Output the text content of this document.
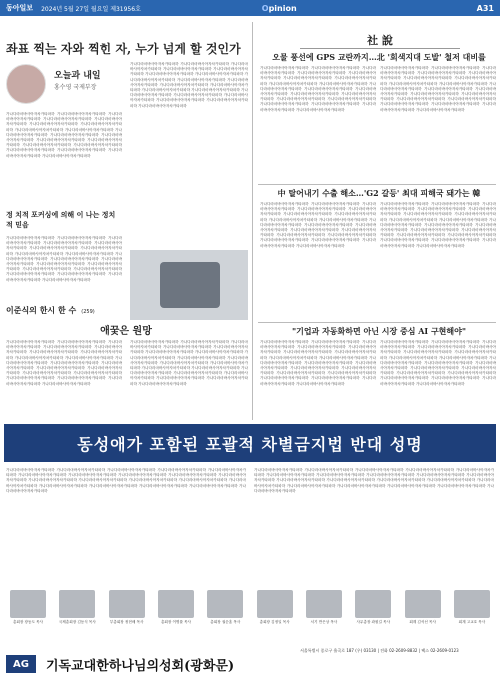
동아일보 2024년 5월 27일 월요일 제31956호	Opinion	A31
좌표 찍는 자와 찍힌 자, 누가 넘게 할 것인가
오늘과 내일
홍수영 국제부장
가나다라마바사아자차카타파하 가나다라마바사아자차카타파하 가나다라마바사아자차카타파하 가나다라마바사아자차카타파하 가나다라마바사아자차카타파하 가나다라마바사아자차카타파하 가나다라마바사아자차카타파하 가나다라마바사아자차카타파하 가나다라마바사아자차카타파하 가나다라마바사아자차카타파하 가나다라마바사아자차카타파하 가나다라마바사아자차카타파하 가나다라마바사아자차카타파하 가나다라마바사아자차카타파하 가나다라마바사아자차카타파하 가나다라마바사아자차카타파하 가나다라마바사아자차카타파하 가나다라마바사아자차카타파하 가나다라마바사아자차카타파하 가나다라마바사아자차카타파하
가나다라마바사아자차카타파하 가나다라마바사아자차카타파하 가나다라마바사아자차카타파하 가나다라마바사아자차카타파하 가나다라마바사아자차카타파하 가나다라마바사아자차카타파하 가나다라마바사아자차카타파하 가나다라마바사아자차카타파하 가나다라마바사아자차카타파하 가나다라마바사아자차카타파하 가나다라마바사아자차카타파하 가나다라마바사아자차카타파하 가나다라마바사아자차카타파하 가나다라마바사아자차카타파하 가나다라마바사아자차카타파하 가나다라마바사아자차카타파하 가나다라마바사아자차카타파하 가나다라마바사아자차카타파하 가나다라마바사아자차카타파하 가나다라마바사아자차카타파하
정 치적 포커싱에 의해 이 나는 정치적 믿음
가나다라마바사아자차카타파하 가나다라마바사아자차카타파하 가나다라마바사아자차카타파하 가나다라마바사아자차카타파하 가나다라마바사아자차카타파하 가나다라마바사아자차카타파하 가나다라마바사아자차카타파하 가나다라마바사아자차카타파하 가나다라마바사아자차카타파하 가나다라마바사아자차카타파하 가나다라마바사아자차카타파하 가나다라마바사아자차카타파하 가나다라마바사아자차카타파하 가나다라마바사아자차카타파하 가나다라마바사아자차카타파하 가나다라마바사아자차카타파하 가나다라마바사아자차카타파하 가나다라마바사아자차카타파하 가나다라마바사아자차카타파하 가나다라마바사아자차카타파하
이준식의 한시 한 수 (259)
애꿎은 원망
가나다라마바사아자차카타파하 가나다라마바사아자차카타파하 가나다라마바사아자차카타파하 가나다라마바사아자차카타파하 가나다라마바사아자차카타파하 가나다라마바사아자차카타파하 가나다라마바사아자차카타파하 가나다라마바사아자차카타파하 가나다라마바사아자차카타파하 가나다라마바사아자차카타파하 가나다라마바사아자차카타파하 가나다라마바사아자차카타파하 가나다라마바사아자차카타파하 가나다라마바사아자차카타파하 가나다라마바사아자차카타파하 가나다라마바사아자차카타파하 가나다라마바사아자차카타파하 가나다라마바사아자차카타파하 가나다라마바사아자차카타파하 가나다라마바사아자차카타파하
가나다라마바사아자차카타파하 가나다라마바사아자차카타파하 가나다라마바사아자차카타파하 가나다라마바사아자차카타파하 가나다라마바사아자차카타파하 가나다라마바사아자차카타파하 가나다라마바사아자차카타파하 가나다라마바사아자차카타파하 가나다라마바사아자차카타파하 가나다라마바사아자차카타파하 가나다라마바사아자차카타파하 가나다라마바사아자차카타파하 가나다라마바사아자차카타파하 가나다라마바사아자차카타파하 가나다라마바사아자차카타파하 가나다라마바사아자차카타파하 가나다라마바사아자차카타파하 가나다라마바사아자차카타파하 가나다라마바사아자차카타파하 가나다라마바사아자차카타파하
社 說
오물 풍선에 GPS 교란까지…北 '회색지대 도발' 철저 대비를
가나다라마바사아자차카타파하 가나다라마바사아자차카타파하 가나다라마바사아자차카타파하 가나다라마바사아자차카타파하 가나다라마바사아자차카타파하 가나다라마바사아자차카타파하 가나다라마바사아자차카타파하 가나다라마바사아자차카타파하 가나다라마바사아자차카타파하 가나다라마바사아자차카타파하 가나다라마바사아자차카타파하 가나다라마바사아자차카타파하 가나다라마바사아자차카타파하 가나다라마바사아자차카타파하 가나다라마바사아자차카타파하 가나다라마바사아자차카타파하 가나다라마바사아자차카타파하 가나다라마바사아자차카타파하 가나다라마바사아자차카타파하 가나다라마바사아자차카타파하
가나다라마바사아자차카타파하 가나다라마바사아자차카타파하 가나다라마바사아자차카타파하 가나다라마바사아자차카타파하 가나다라마바사아자차카타파하 가나다라마바사아자차카타파하 가나다라마바사아자차카타파하 가나다라마바사아자차카타파하 가나다라마바사아자차카타파하 가나다라마바사아자차카타파하 가나다라마바사아자차카타파하 가나다라마바사아자차카타파하 가나다라마바사아자차카타파하 가나다라마바사아자차카타파하 가나다라마바사아자차카타파하 가나다라마바사아자차카타파하 가나다라마바사아자차카타파하 가나다라마바사아자차카타파하 가나다라마바사아자차카타파하 가나다라마바사아자차카타파하
中 탈어내기 수출 해소…'G2 갈등' 최대 피해국 돼가는 韓
가나다라마바사아자차카타파하 가나다라마바사아자차카타파하 가나다라마바사아자차카타파하 가나다라마바사아자차카타파하 가나다라마바사아자차카타파하 가나다라마바사아자차카타파하 가나다라마바사아자차카타파하 가나다라마바사아자차카타파하 가나다라마바사아자차카타파하 가나다라마바사아자차카타파하 가나다라마바사아자차카타파하 가나다라마바사아자차카타파하 가나다라마바사아자차카타파하 가나다라마바사아자차카타파하 가나다라마바사아자차카타파하 가나다라마바사아자차카타파하 가나다라마바사아자차카타파하 가나다라마바사아자차카타파하 가나다라마바사아자차카타파하 가나다라마바사아자차카타파하
가나다라마바사아자차카타파하 가나다라마바사아자차카타파하 가나다라마바사아자차카타파하 가나다라마바사아자차카타파하 가나다라마바사아자차카타파하 가나다라마바사아자차카타파하 가나다라마바사아자차카타파하 가나다라마바사아자차카타파하 가나다라마바사아자차카타파하 가나다라마바사아자차카타파하 가나다라마바사아자차카타파하 가나다라마바사아자차카타파하 가나다라마바사아자차카타파하 가나다라마바사아자차카타파하 가나다라마바사아자차카타파하 가나다라마바사아자차카타파하 가나다라마바사아자차카타파하 가나다라마바사아자차카타파하 가나다라마바사아자차카타파하 가나다라마바사아자차카타파하
"기업과 자동화하면 아닌 시장 중심 AI 구현해야"
가나다라마바사아자차카타파하 가나다라마바사아자차카타파하 가나다라마바사아자차카타파하 가나다라마바사아자차카타파하 가나다라마바사아자차카타파하 가나다라마바사아자차카타파하 가나다라마바사아자차카타파하 가나다라마바사아자차카타파하 가나다라마바사아자차카타파하 가나다라마바사아자차카타파하 가나다라마바사아자차카타파하 가나다라마바사아자차카타파하 가나다라마바사아자차카타파하 가나다라마바사아자차카타파하 가나다라마바사아자차카타파하 가나다라마바사아자차카타파하 가나다라마바사아자차카타파하 가나다라마바사아자차카타파하 가나다라마바사아자차카타파하 가나다라마바사아자차카타파하
가나다라마바사아자차카타파하 가나다라마바사아자차카타파하 가나다라마바사아자차카타파하 가나다라마바사아자차카타파하 가나다라마바사아자차카타파하 가나다라마바사아자차카타파하 가나다라마바사아자차카타파하 가나다라마바사아자차카타파하 가나다라마바사아자차카타파하 가나다라마바사아자차카타파하 가나다라마바사아자차카타파하 가나다라마바사아자차카타파하 가나다라마바사아자차카타파하 가나다라마바사아자차카타파하 가나다라마바사아자차카타파하 가나다라마바사아자차카타파하 가나다라마바사아자차카타파하 가나다라마바사아자차카타파하 가나다라마바사아자차카타파하 가나다라마바사아자차카타파하
동성애가 포함된 포괄적 차별금지법 반대 성명
가나다라마바사아자차카타파하 가나다라마바사아자차카타파하 가나다라마바사아자차카타파하 가나다라마바사아자차카타파하 가나다라마바사아자차카타파하 가나다라마바사아자차카타파하 가나다라마바사아자차카타파하 가나다라마바사아자차카타파하 가나다라마바사아자차카타파하 가나다라마바사아자차카타파하 가나다라마바사아자차카타파하 가나다라마바사아자차카타파하 가나다라마바사아자차카타파하 가나다라마바사아자차카타파하 가나다라마바사아자차카타파하 가나다라마바사아자차카타파하 가나다라마바사아자차카타파하 가나다라마바사아자차카타파하 가나다라마바사아자차카타파하 가나다라마바사아자차카타파하
가나다라마바사아자차카타파하 가나다라마바사아자차카타파하 가나다라마바사아자차카타파하 가나다라마바사아자차카타파하 가나다라마바사아자차카타파하 가나다라마바사아자차카타파하 가나다라마바사아자차카타파하 가나다라마바사아자차카타파하 가나다라마바사아자차카타파하 가나다라마바사아자차카타파하 가나다라마바사아자차카타파하 가나다라마바사아자차카타파하 가나다라마바사아자차카타파하 가나다라마바사아자차카타파하 가나다라마바사아자차카타파하 가나다라마바사아자차카타파하 가나다라마바사아자차카타파하 가나다라마바사아자차카타파하 가나다라마바사아자차카타파하 가나다라마바사아자차카타파하
총회장 장동도 목사	국제총회장 김동식 목사	부총회장 정현배 목사	총회장 이병률 목사	총회장 권순홍 목사	총회장 김정일 목사	서기 반은상 목사	사무총장 곽원길 목사	회계 김석선 목사	회계 고교호 목사
AG	기독교대한하나님의성회(광화문)
서울특별시 종로구 율곡로 187 (우) 03130 | 전화 02-2609-8832 | 팩스 02-2609-0123
